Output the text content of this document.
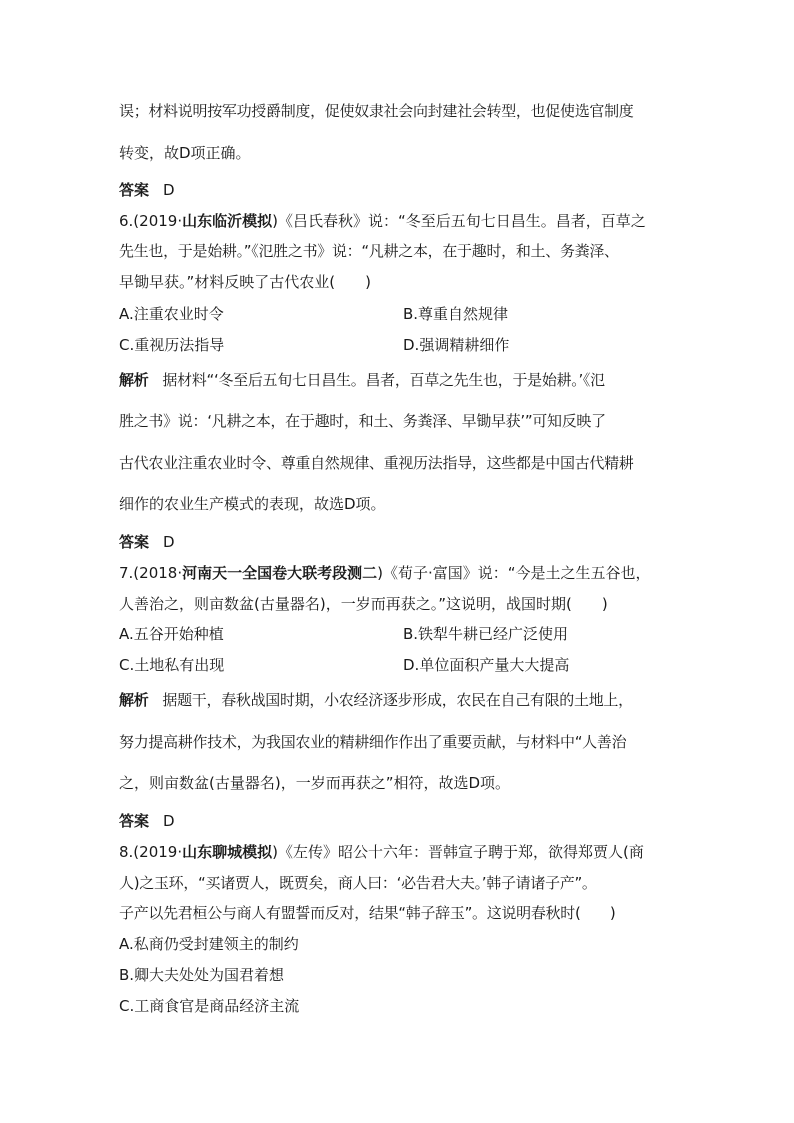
误；材料说明按军功授爵制度，促使奴隶社会向封建社会转型，也促使选官制度
转变，故D项正确。
答案 D
6.(2019·山东临沂模拟)《吕氏春秋》说：“冬至后五旬七日昌生。昌者，百草之
先生也，于是始耕。”《氾胜之书》说：“凡耕之本，在于趣时，和土、务粪泽、
早锄早获。”材料反映了古代农业(　　)
A.注重农业时令	B.尊重自然规律
C.重视历法指导	D.强调精耕细作
解析 据材料“‘冬至后五旬七日昌生。昌者，百草之先生也，于是始耕。’《氾
胜之书》说：‘凡耕之本，在于趣时，和土、务粪泽、早锄早获’”可知反映了
古代农业注重农业时令、尊重自然规律、重视历法指导，这些都是中国古代精耕
细作的农业生产模式的表现，故选D项。
答案 D
7.(2018·河南天一全国卷大联考段测二)《荀子·富国》说：“今是土之生五谷也，
人善治之，则亩数盆(古量器名)，一岁而再获之。”这说明，战国时期(　　)
A.五谷开始种植	B.铁犁牛耕已经广泛使用
C.土地私有出现	D.单位面积产量大大提高
解析 据题干，春秋战国时期，小农经济逐步形成，农民在自己有限的土地上，
努力提高耕作技术，为我国农业的精耕细作作出了重要贡献，与材料中“人善治
之，则亩数盆(古量器名)，一岁而再获之”相符，故选D项。
答案 D
8.(2019·山东聊城模拟)《左传》昭公十六年：晋韩宣子聘于郑，欲得郑贾人(商
人)之玉环，“买诸贾人，既贾矣，商人曰：‘必告君大夫。’韩子请诸子产”。
子产以先君桓公与商人有盟誓而反对，结果“韩子辞玉”。这说明春秋时(　　)
A.私商仍受封建领主的制约
B.卿大夫处处为国君着想
C.工商食官是商品经济主流
